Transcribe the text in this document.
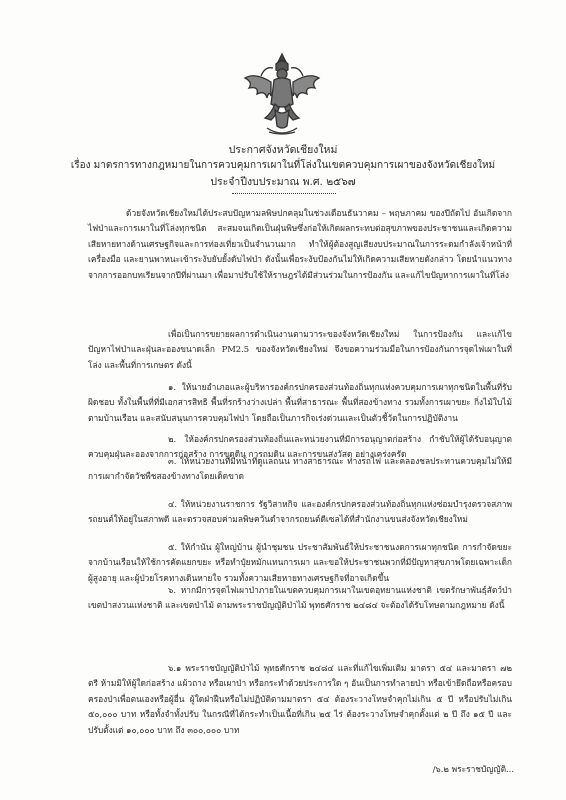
ประกาศจังหวัดเชียงใหม่
เรื่อง มาตรการทางกฎหมายในการควบคุมการเผาในที่โล่งในเขตควบคุมการเผาของจังหวัดเชียงใหม่
ประจำปีงบประมาณ พ.ศ. ๒๕๖๗

ด้วยจังหวัดเชียงใหม่ได้ประสบปัญหามลพิษปกคลุมในช่วงเดือนธันวาคม – พฤษภาคม ของปีถัดไป อันเกิดจากไฟป่าและการเผาในที่โล่งทุกชนิด สะสมจนเกิดเป็นฝุ่นพิษซึ่งก่อให้เกิดผลกระทบต่อสุขภาพของประชาชนและเกิดความเสียหายทางด้านเศรษฐกิจและการท่องเที่ยวเป็นจำนวนมาก ทำให้ผู้ต้องสูญเสียงบประมาณในการระดมกำลังเจ้าหน้าที่ เครื่องมือ และยานพาหนะเข้าระงับยับยั้งดับไฟป่า ดังนั้นเพื่อระงับป้องกันไม่ให้เกิดความเสียหายดังกล่าว โดยนำแนวทางจากการออกบทเรียนจากปีที่ผ่านมา เพื่อมาปรับใช้ให้ราษฎรได้มีส่วนร่วมในการป้องกัน และแก้ไขปัญหาการเผาในที่โล่ง

เพื่อเป็นการขยายผลการดำเนินงานตามวาระของจังหวัดเชียงใหม่ ในการป้องกัน และแก้ไขปัญหาไฟป่าและฝุ่นละอองขนาดเล็ก PM2.5 ของจังหวัดเชียงใหม่ จึงขอความร่วมมือในการป้องกันการจุดไฟเผาในที่โล่ง และพื้นที่การเกษตร ดังนี้

๑. ให้นายอำเภอและผู้บริหารองค์กรปกครองส่วนท้องถิ่นทุกแห่งควบคุมการเผาทุกชนิดในพื้นที่รับผิดชอบ ทั้งในพื้นที่ที่มีเอกสารสิทธิ พื้นที่รกร้างว่างเปล่า พื้นที่สาธารณะ พื้นที่สองข้างทาง รวมทั้งการเผาขยะ กิ่งไม้ใบไม้ตามบ้านเรือน และสนับสนุนการควบคุมไฟป่า โดยถือเป็นภารกิจเร่งด่วนและเป็นตัวชี้วัดในการปฏิบัติงาน

๒. ให้องค์กรปกครองส่วนท้องถิ่นและหน่วยงานที่มีการอนุญาตก่อสร้าง กำชับให้ผู้ได้รับอนุญาตควบคุมฝุ่นละอองจากการก่อสร้าง การขุดดิน การถมดิน และการขนส่งวัสดุ อย่างเคร่งครัด

๓. ให้หน่วยงานที่มีหน้าที่ดูแลถนน ทางสาธารณะ ทางรถไฟ และคลองชลประทานควบคุมไม่ให้มีการเผากำจัดวัชพืชสองข้างทางโดยเด็ดขาด

๔. ให้หน่วยงานราชการ รัฐวิสาหกิจ และองค์กรปกครองส่วนท้องถิ่นทุกแห่งซ่อมบำรุงตรวจสภาพรถยนต์ให้อยู่ในสภาพดี และตรวจสอบค่ามลพิษควันดำจากรถยนต์ดีเซลได้ที่สำนักงานขนส่งจังหวัดเชียงใหม่

๕. ให้กำนัน ผู้ใหญ่บ้าน ผู้นำชุมชน ประชาสัมพันธ์ให้ประชาชนงดการเผาทุกชนิด การกำจัดขยะจากบ้านเรือนให้ใช้การคัดแยกขยะ หรือทำปุ๋ยหมักแทนการเผา และขอให้ประชาชนพวกที่มีปัญหาสุขภาพโดยเฉพาะเด็ก ผู้สูงอายุ และผู้ป่วยโรคทางเดินหายใจ รวมทั้งความเสียหายทางเศรษฐกิจที่อาจเกิดขึ้น

๖. หากมีการจุดไฟเผาป่าภายในเขตควบคุมการเผาในเขตอุทยานแห่งชาติ เขตรักษาพันธุ์สัตว์ป่า เขตป่าสงวนแห่งชาติ และเขตป่าไม้ ตามพระราชบัญญัติป่าไม้ พุทธศักราช ๒๔๘๔ จะต้องได้รับโทษตามกฎหมาย ดังนี้

๖.๑ พระราชบัญญัติป่าไม้ พุทธศักราช ๒๔๘๔ และที่แก้ไขเพิ่มเติม มาตรา ๕๔ และมาตรา ๗๒ ตรี ห้ามมิให้ผู้ใดก่อสร้าง แผ้วถาง หรือเผาป่า หรือกระทำด้วยประการใด ๆ อันเป็นการทำลายป่า หรือเข้ายึดถือหรือครอบครองป่าเพื่อตนเองหรือผู้อื่น ผู้ใดฝ่าฝืนหรือไม่ปฏิบัติตามมาตรา ๕๔ ต้องระวางโทษจำคุกไม่เกิน ๕ ปี หรือปรับไม่เกิน ๕๐,๐๐๐ บาท หรือทั้งจำทั้งปรับ ในกรณีที่ได้กระทำเป็นเนื้อที่เกิน ๒๕ ไร่ ต้องระวางโทษจำคุกตั้งแต่ ๒ ปี ถึง ๑๕ ปี และปรับตั้งแต่ ๑๐,๐๐๐ บาท ถึง ๓๐๐,๐๐๐ บาท

/๖.๒ พระราชบัญญัติ...
